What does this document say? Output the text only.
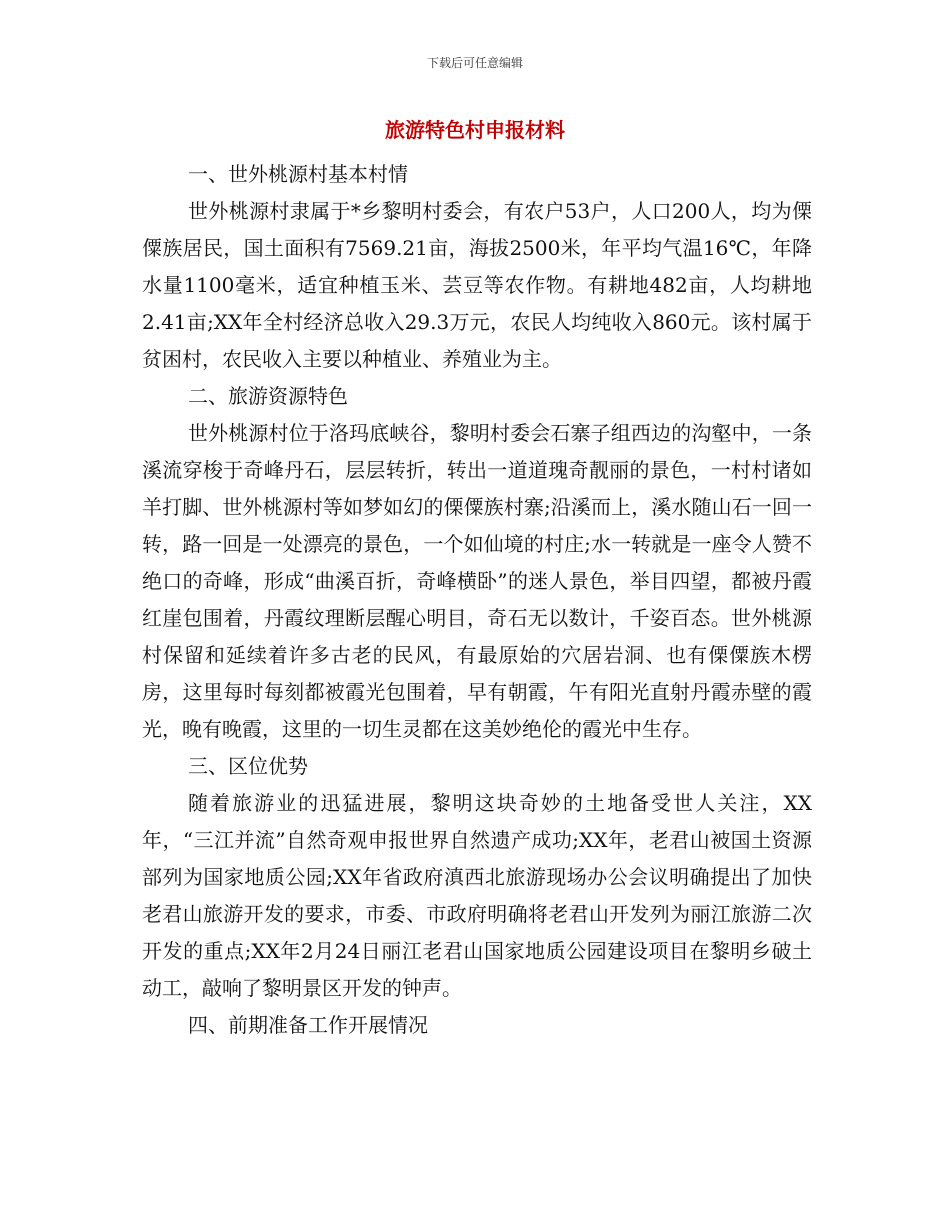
下载后可任意编辑
旅游特色村申报材料

一、世外桃源村基本村情

世外桃源村隶属于*乡黎明村委会，有农户53户，人口200人，均为傈僳族居民，国土面积有7569.21亩，海拔2500米，年平均气温16℃，年降水量1100毫米，适宜种植玉米、芸豆等农作物。有耕地482亩，人均耕地2.41亩;XX年全村经济总收入29.3万元，农民人均纯收入860元。该村属于贫困村，农民收入主要以种植业、养殖业为主。

二、旅游资源特色

世外桃源村位于洛玛底峡谷，黎明村委会石寨子组西边的沟壑中，一条溪流穿梭于奇峰丹石，层层转折，转出一道道瑰奇靓丽的景色，一村村诸如羊打脚、世外桃源村等如梦如幻的傈僳族村寨;沿溪而上，溪水随山石一回一转，路一回是一处漂亮的景色，一个如仙境的村庄;水一转就是一座令人赞不绝口的奇峰，形成“曲溪百折，奇峰横卧”的迷人景色，举目四望，都被丹霞红崖包围着，丹霞纹理断层醒心明目，奇石无以数计，千姿百态。世外桃源村保留和延续着许多古老的民风，有最原始的穴居岩洞、也有傈僳族木楞房，这里每时每刻都被霞光包围着，早有朝霞，午有阳光直射丹霞赤壁的霞光，晚有晚霞，这里的一切生灵都在这美妙绝伦的霞光中生存。

三、区位优势

随着旅游业的迅猛进展，黎明这块奇妙的土地备受世人关注，XX年，“三江并流”自然奇观申报世界自然遗产成功;XX年，老君山被国土资源部列为国家地质公园;XX年省政府滇西北旅游现场办公会议明确提出了加快老君山旅游开发的要求，市委、市政府明确将老君山开发列为丽江旅游二次开发的重点;XX年2月24日丽江老君山国家地质公园建设项目在黎明乡破土动工，敲响了黎明景区开发的钟声。

四、前期准备工作开展情况
